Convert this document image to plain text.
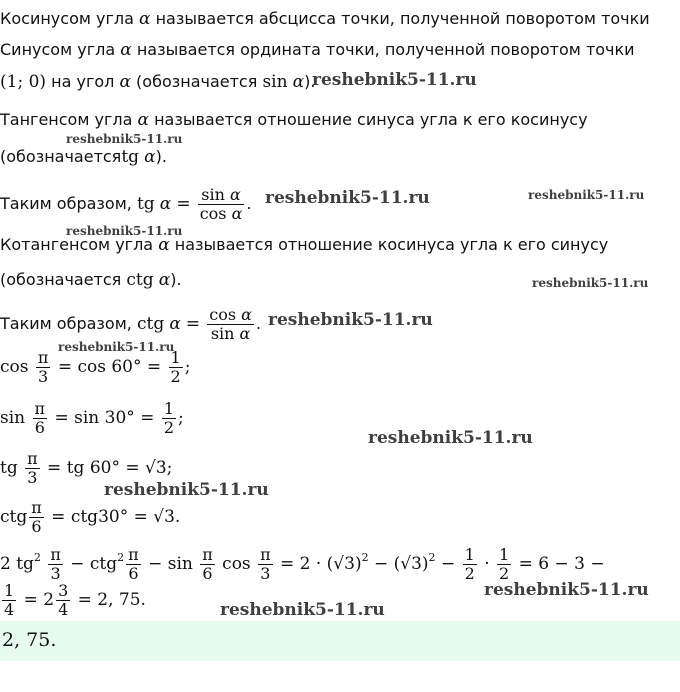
Косинусом угла α называется абсцисса точки, полученной поворотом точки
Синусом угла α называется ордината точки, полученной поворотом точки
(1; 0) на угол α (обозначается sin α).
Тангенсом угла α называется отношение синуса угла к его косинусу
(обозначаетсяtg α).
Таким образом, tg $\alpha = \frac{\text{sin α}}{\text{cos α}}$ .
Котангенсом угла α называется отношение косинуса угла к его синусу
(обозначается ctg α).
Таким образом, ctg $\alpha = \frac{\text{cos α}}{\text{sin α}}$ .
$\cos \frac{\pi}{3} = \cos 60^\circ = \frac{1}{2}$ ;
$\sin \frac{\pi}{6} = \sin 30^\circ = \frac{1}{2}$ ;
tg $\frac{\pi}{3}$ = tg 60° = √3;
ctg $\frac{\pi}{6} = ctg30^\circ = √3$.
2 $tg^2 \frac{\pi}{3} - ctg^2 \frac{\pi}{6} - \sin \frac{\pi}{6}$ $\cos \frac{\pi}{3} = 2 \cdot (√3)^2 - (√3)^2 - \frac{1}{2} \cdot \frac{1}{2} = 6 - 3$ −
$\frac{1}{4} = 2 \frac{3}{4} = 2$, 75.
2, 75.
reshebnik5-11.ru
reshebnik5-11.ru
reshebnik5-11.ru	reshebnik5-11.ru
reshebnik5-11.ru
reshebnik5-11.ru
reshebnik5-11.ru
reshebnik5-11.ru
reshebnik5-11.ru
reshebnik5-11.ru
reshebnik5-11.ru
reshebnik5-11.ru
